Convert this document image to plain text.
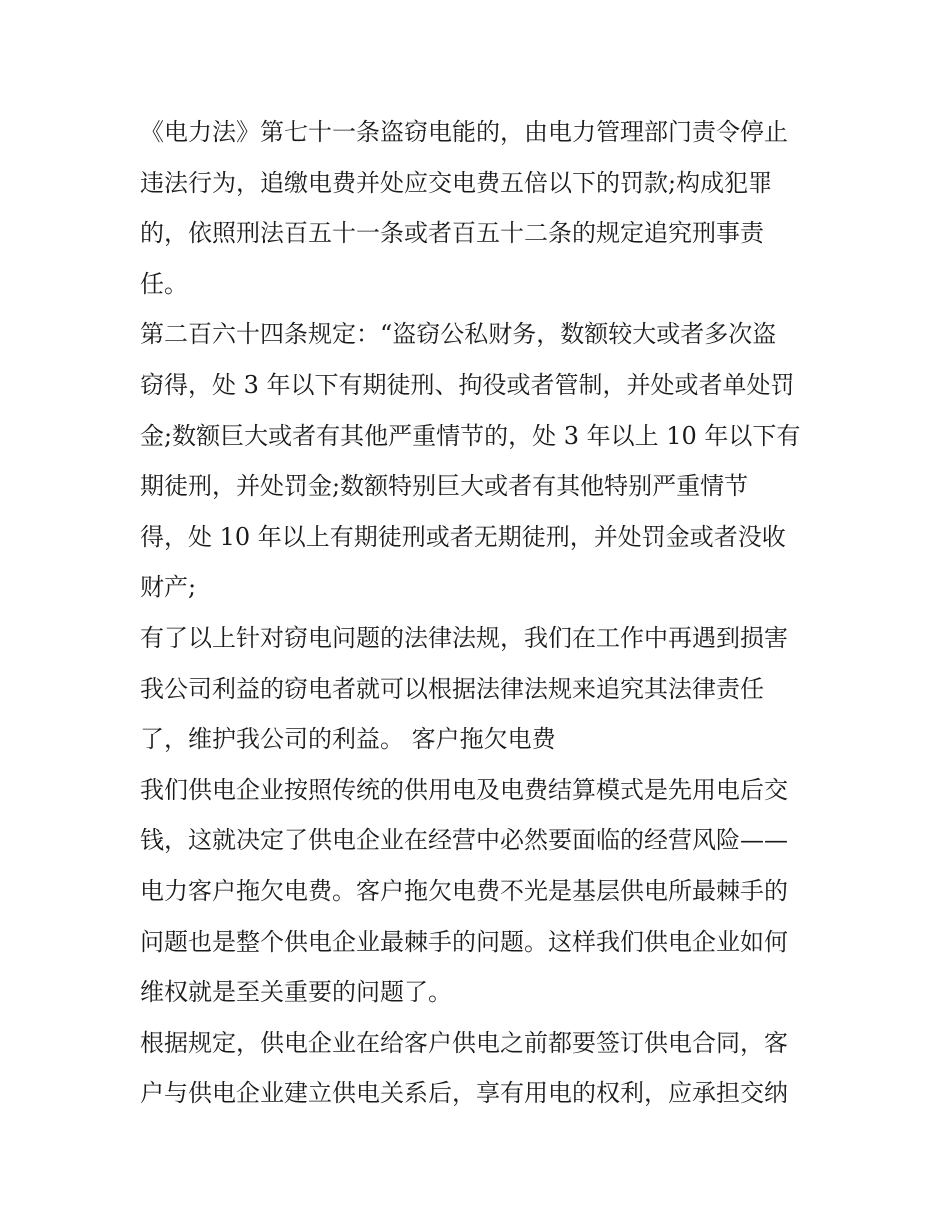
《电力法》第七十一条盗窃电能的，由电力管理部门责令停止
违法行为，追缴电费并处应交电费五倍以下的罚款;构成犯罪
的，依照刑法百五十一条或者百五十二条的规定追究刑事责
任。
第二百六十四条规定：“盗窃公私财务，数额较大或者多次盗
窃得，处 3 年以下有期徒刑、拘役或者管制，并处或者单处罚
金;数额巨大或者有其他严重情节的，处 3 年以上 10 年以下有
期徒刑，并处罚金;数额特别巨大或者有其他特别严重情节
得，处 10 年以上有期徒刑或者无期徒刑，并处罚金或者没收
财产;
有了以上针对窃电问题的法律法规，我们在工作中再遇到损害
我公司利益的窃电者就可以根据法律法规来追究其法律责任
了，维护我公司的利益。 客户拖欠电费
我们供电企业按照传统的供用电及电费结算模式是先用电后交
钱，这就决定了供电企业在经营中必然要面临的经营风险——
电力客户拖欠电费。客户拖欠电费不光是基层供电所最棘手的
问题也是整个供电企业最棘手的问题。这样我们供电企业如何
维权就是至关重要的问题了。
根据规定，供电企业在给客户供电之前都要签订供电合同，客
户与供电企业建立供电关系后，享有用电的权利，应承担交纳
